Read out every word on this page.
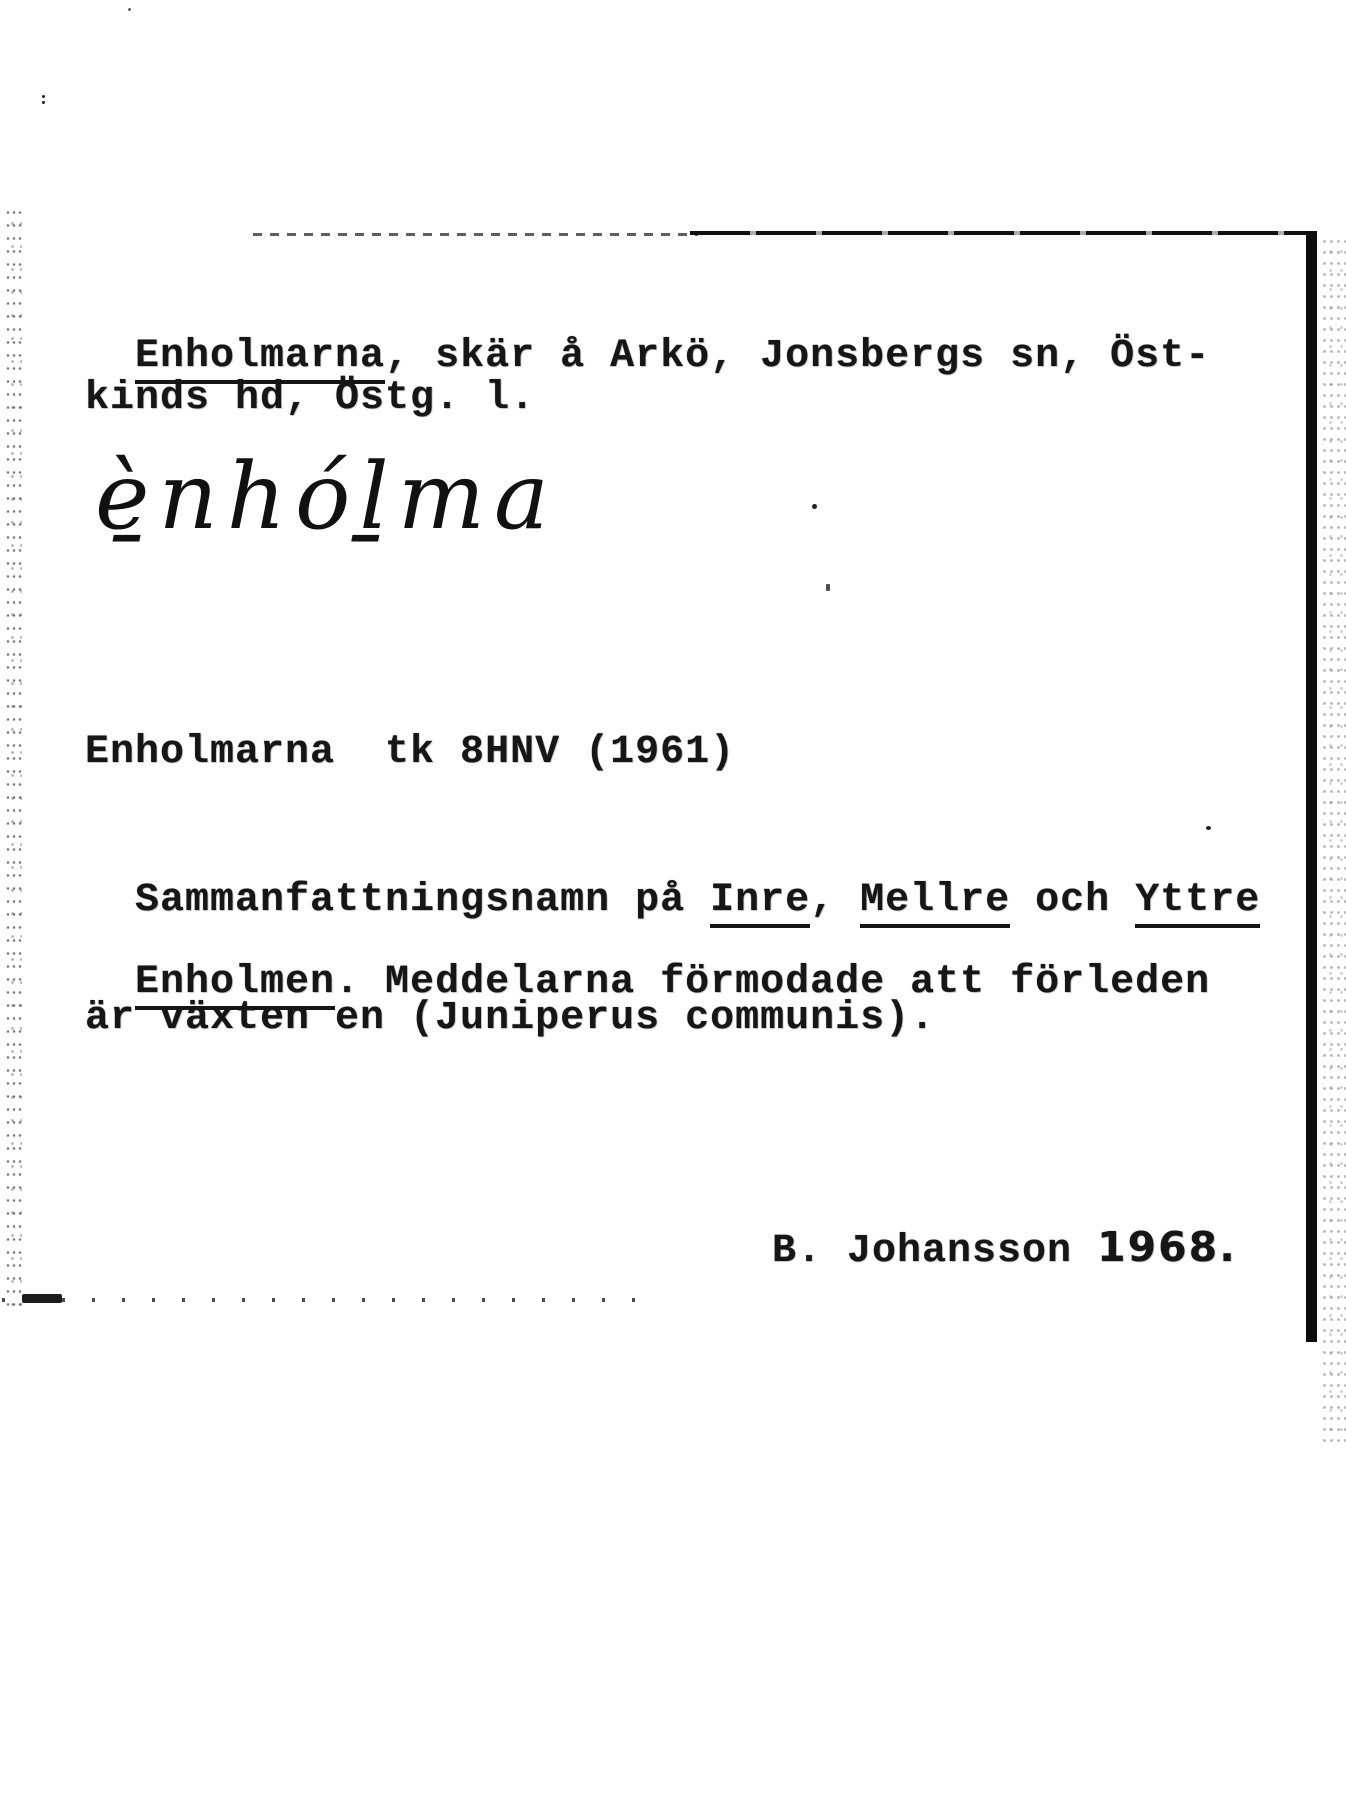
Enholmarna, skär å Arkö, Jonsbergs sn, Öst-

kinds hd, Östg. l.
è̱nhóḻma
Enholmarna  tk 8HNV (1961)

Sammanfattningsnamn på Inre, Mellre och Yttre

Enholmen. Meddelarna förmodade att förleden

är växten en (Juniperus communis).

B. Johansson 1968.
